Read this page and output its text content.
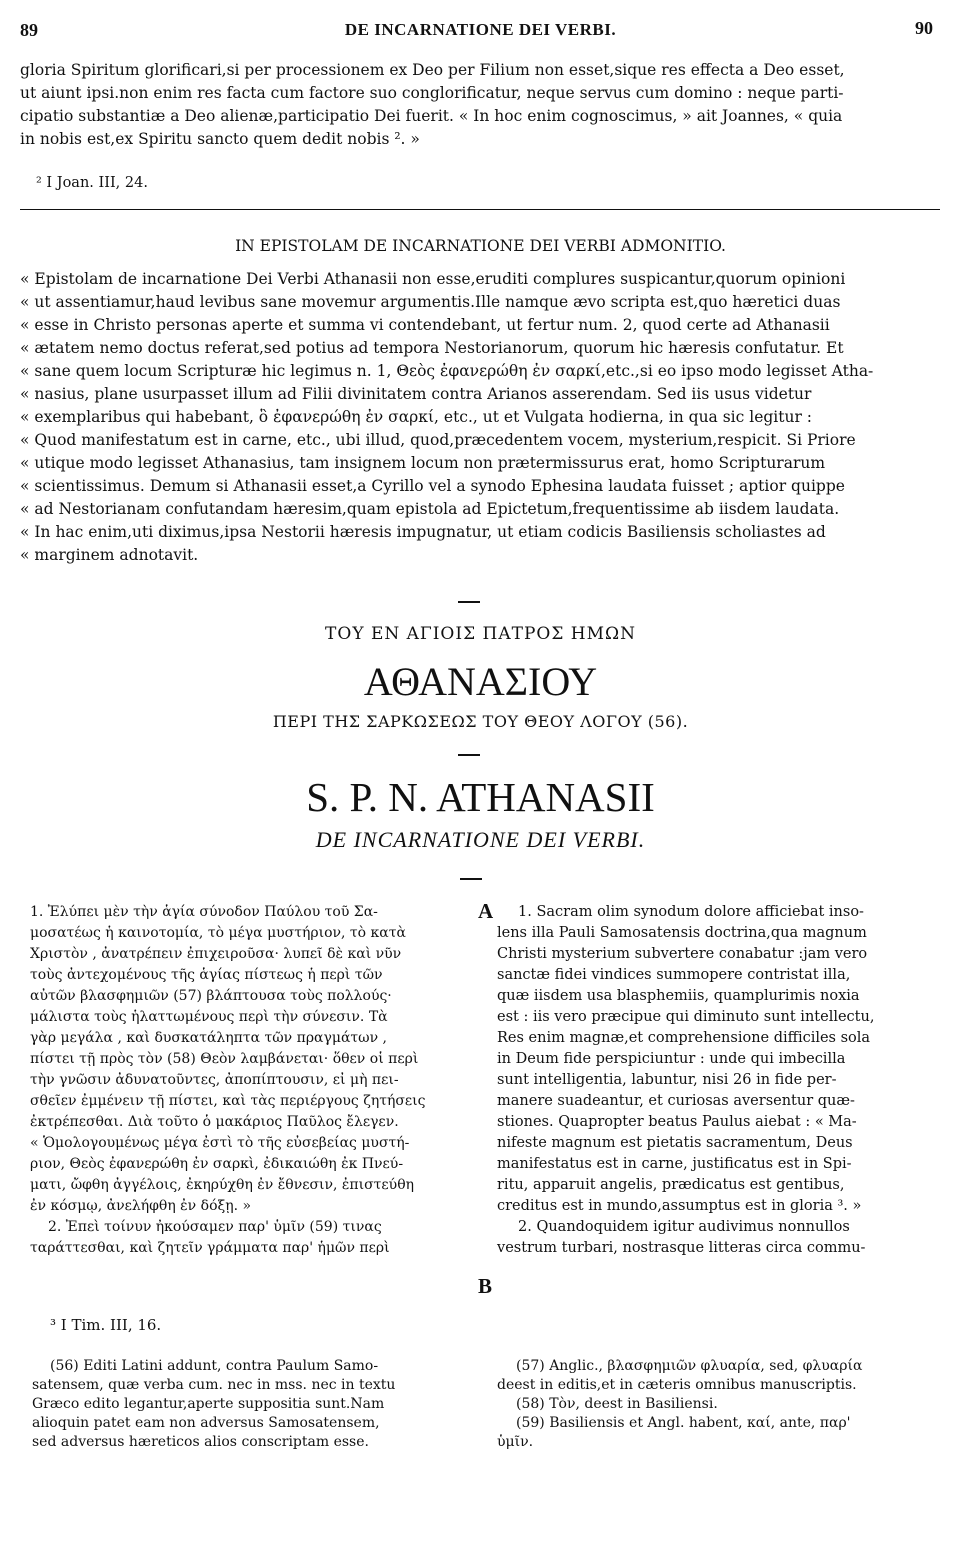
89	DE INCARNATIONE DEI VERBI.	90
gloria Spiritum glorificari,si per processionem ex Deo per Filium non esset,sique res effecta a Deo esset,
ut aiunt ipsi.non enim res facta cum factore suo conglorificatur, neque servus cum domino : neque parti-
cipatio substantiæ a Deo alienæ,participatio Dei fuerit. « In hoc enim cognoscimus, » ait Joannes, « quia
in nobis est,ex Spiritu sancto quem dedit nobis ². »
² I Joan. III, 24.
IN EPISTOLAM DE INCARNATIONE DEI VERBI ADMONITIO.
« Epistolam de incarnatione Dei Verbi Athanasii non esse,eruditi complures suspicantur,quorum opinioni
« ut assentiamur,haud levibus sane movemur argumentis.Ille namque ævo scripta est,quo hæretici duas
« esse in Christo personas aperte et summa vi contendebant, ut fertur num. 2, quod certe ad Athanasii
« ætatem nemo doctus referat,sed potius ad tempora Nestorianorum, quorum hic hæresis confutatur. Et
« sane quem locum Scripturæ hic legimus n. 1, Θεὸς ἐφανερώθη ἐν σαρκί,etc.,si eo ipso modo legisset Atha-
« nasius, plane usurpasset illum ad Filii divinitatem contra Arianos asserendam. Sed iis usus videtur
« exemplaribus qui habebant, ὃ ἐφανερώθη ἐν σαρκί, etc., ut et Vulgata hodierna, in qua sic legitur :
« Quod manifestatum est in carne, etc., ubi illud, quod,præcedentem vocem, mysterium,respicit. Si Priore
« utique modo legisset Athanasius, tam insignem locum non prætermissurus erat, homo Scripturarum
« scientissimus. Demum si Athanasii esset,a Cyrillo vel a synodo Ephesina laudata fuisset ; aptior quippe
« ad Nestorianam confutandam hæresim,quam epistola ad Epictetum,frequentissime ab iisdem laudata.
« In hac enim,uti diximus,ipsa Nestorii hæresis impugnatur, ut etiam codicis Basiliensis scholiastes ad
« marginem adnotavit.
ΤΟΥ ΕΝ ΑΓΙΟΙΣ ΠΑΤΡΟΣ ΗΜΩΝ
ΑΘΑΝΑΣΙΟΥ
ΠΕΡΙ ΤΗΣ ΣΑΡΚΩΣΕΩΣ ΤΟΥ ΘΕΟΥ ΛΟΓΟΥ (56).
S. P. N. ATHANASII
DE INCARNATIONE DEI VERBI.
1. Ἐλύπει μὲν τὴν ἁγία σύνοδον Παύλου τοῦ Σα-
μοσατέως ἡ καινοτομία, τὸ μέγα μυστήριον, τὸ κατὰ
Χριστὸν , ἀνατρέπειν ἐπιχειροῦσα· λυπεῖ δὲ καὶ νῦν
τοὺς ἀντεχομένους τῆς ἁγίας πίστεως ἡ περὶ τῶν
αὐτῶν βλασφημιῶν (57) βλάπτουσα τοὺς πολλούς·
μάλιστα τοὺς ἡλαττωμένους περὶ τὴν σύνεσιν. Τὰ
γὰρ μεγάλα , καὶ δυσκατάληπτα τῶν πραγμάτων ,
πίστει τῇ πρὸς τὸν (58) Θεὸν λαμβάνεται· ὅθεν οἱ περὶ
τὴν γνῶσιν ἀδυνατοῦντες, ἀποπίπτουσιν, εἰ μὴ πει-
σθεῖεν ἐμμένειν τῇ πίστει, καὶ τὰς περιέργους ζητήσεις
ἐκτρέπεσθαι. Διὰ τοῦτο ὁ μακάριος Παῦλος ἔλεγεν.
« Ὁμολογουμένως μέγα ἐστὶ τὸ τῆς εὐσεβείας μυστή-
ριον, Θεὸς ἐφανερώθη ἐν σαρκὶ, ἐδικαιώθη ἐκ Πνεύ-
ματι, ὤφθη ἀγγέλοις, ἐκηρύχθη ἐν ἔθνεσιν, ἐπιστεύθη
ἐν κόσμῳ, ἀνελήφθη ἐν δόξῃ. »
2. Ἐπεὶ τοίνυν ἠκούσαμεν παρ' ὑμῖν (59) τινας
ταράττεσθαι, καὶ ζητεῖν γράμματα παρ' ἡμῶν περὶ
A
B
1. Sacram olim synodum dolore afficiebat inso-
lens illa Pauli Samosatensis doctrina,qua magnum
Christi mysterium subvertere conabatur :jam vero
sanctæ fidei vindices summopere contristat illa,
quæ iisdem usa blasphemiis, quamplurimis noxia
est : iis vero præcipue qui diminuto sunt intellectu,
Res enim magnæ,et comprehensione difficiles sola
in Deum fide perspiciuntur : unde qui imbecilla
sunt intelligentia, labuntur, nisi 26 in fide per-
manere suadeantur, et curiosas aversentur quæ-
stiones. Quapropter beatus Paulus aiebat : « Ma-
nifeste magnum est pietatis sacramentum, Deus
manifestatus est in carne, justificatus est in Spi-
ritu, apparuit angelis, prædicatus est gentibus,
creditus est in mundo,assumptus est in gloria ³. »
2. Quandoquidem igitur audivimus nonnullos
vestrum turbari, nostrasque litteras circa commu-
³ I Tim. III, 16.
(56) Editi Latini addunt, contra Paulum Samo-
satensem, quæ verba cum. nec in mss. nec in textu
Græco edito legantur,aperte suppositia sunt.Nam
alioquin patet eam non adversus Samosatensem,
sed adversus hæreticos alios conscriptam esse.
(57) Anglic., βλασφημιῶν φλυαρία, sed, φλυαρία
deest in editis,et in cæteris omnibus manuscriptis.
(58) Τὸν, deest in Basiliensi.
(59) Basiliensis et Angl. habent, καί, ante, παρ'
ὑμῖν.
